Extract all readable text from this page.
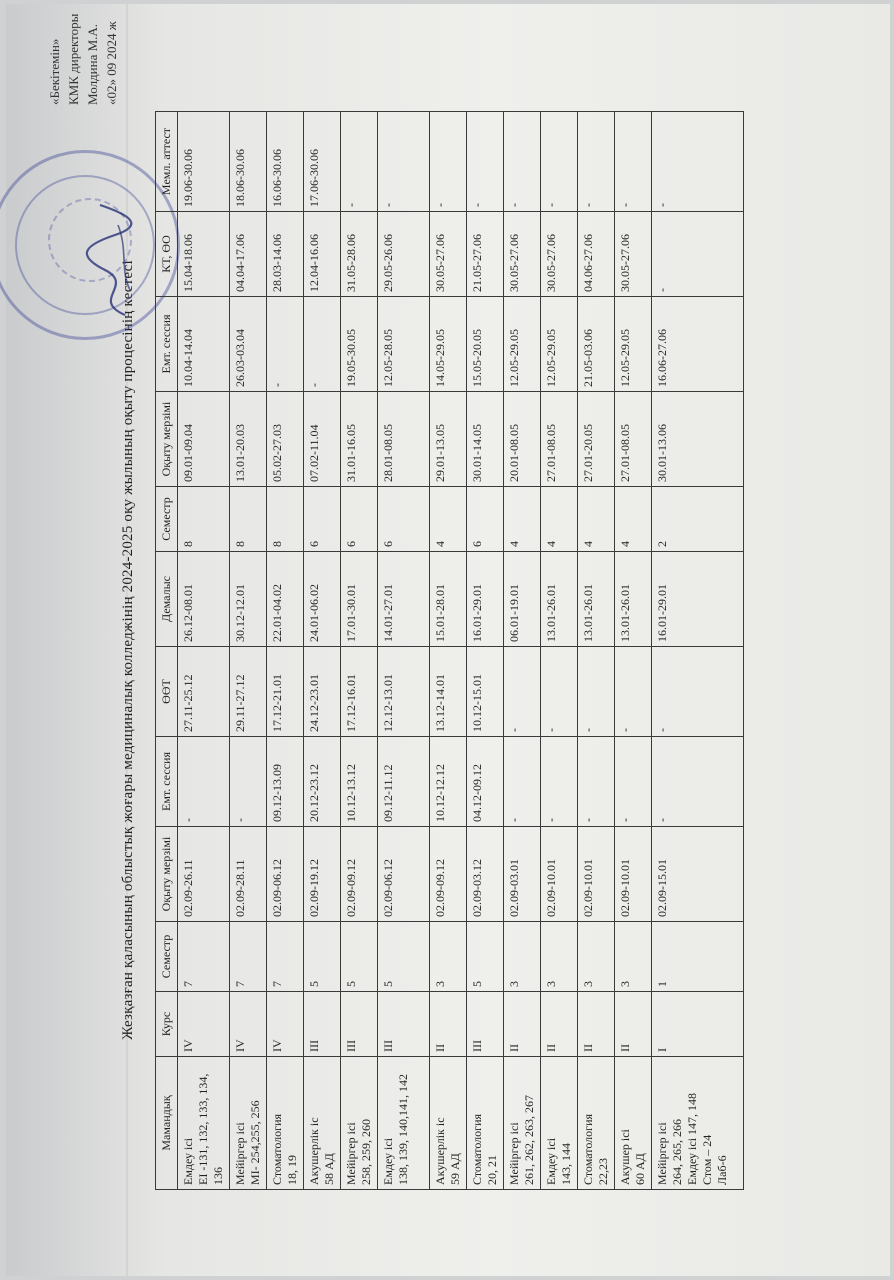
Жезқазған қаласының облыстық жоғары медициналық колледжінің 2024-2025 оқу жылының оқыту процесінің кестесі
«Бекітемін» КМК директоры Молдина М.А. «02» 09 2024 ж
Мамандық	Курс	Семестр	Оқыту мерзімі	Емт. сессия	ӨӨТ	Демалыс	Семестр	Оқыту мерзімі	Емт. сессия	КТ, ӨО	Мемл. аттест
Емдеу ісі
ЕІ -131, 132, 133, 134, 136	IV	7	02.09-26.11	-	27.11-25.12	26.12-08.01	8	09.01-09.04	10.04-14.04	15.04-18.06	19.06-30.06
Мейіргер ісі
МІ- 254,255, 256	IV	7	02.09-28.11	-	29.11-27.12	30.12-12.01	8	13.01-20.03	26.03-03.04	04.04-17.06	18.06-30.06
Стоматология
18, 19	IV	7	02.09-06.12	09.12-13.09	17.12-21.01	22.01-04.02	8	05.02-27.03	-	28.03-14.06	16.06-30.06
Акушерлік іс
58 АД	III	5	02.09-19.12	20.12-23.12	24.12-23.01	24.01-06.02	6	07.02-11.04	-	12.04-16.06	17.06-30.06
Мейіргер ісі
258, 259, 260	III	5	02.09-09.12	10.12-13.12	17.12-16.01	17.01-30.01	6	31.01-16.05	19.05-30.05	31.05-28.06	-
Емдеу ісі
138, 139, 140,141, 142	III	5	02.09-06.12	09.12-11.12	12.12-13.01	14.01-27.01	6	28.01-08.05	12.05-28.05	29.05-26.06	-
Акушерлік іс
59 АД	II	3	02.09-09.12	10.12-12.12	13.12-14.01	15.01-28.01	4	29.01-13.05	14.05-29.05	30.05-27.06	-
Стоматология
20, 21	III	5	02.09-03.12	04.12-09.12	10.12-15.01	16.01-29.01	6	30.01-14.05	15.05-20.05	21.05-27.06	-
Мейіргер ісі
261, 262, 263, 267	II	3	02.09-03.01	-	-	06.01-19.01	4	20.01-08.05	12.05-29.05	30.05-27.06	-
Емдеу ісі
143, 144	II	3	02.09-10.01	-	-	13.01-26.01	4	27.01-08.05	12.05-29.05	30.05-27.06	-
Стоматология
22,23	II	3	02.09-10.01	-	-	13.01-26.01	4	27.01-20.05	21.05-03.06	04.06-27.06	-
Акушер ісі
60 АД	II	3	02.09-10.01	-	-	13.01-26.01	4	27.01-08.05	12.05-29.05	30.05-27.06	-
Мейіргер ісі
264, 265, 266
Емдеу ісі 147, 148
Стом – 24
Лаб-6	I	1	02.09-15.01	-	-	16.01-29.01	2	30.01-13.06	16.06-27.06	-	-
